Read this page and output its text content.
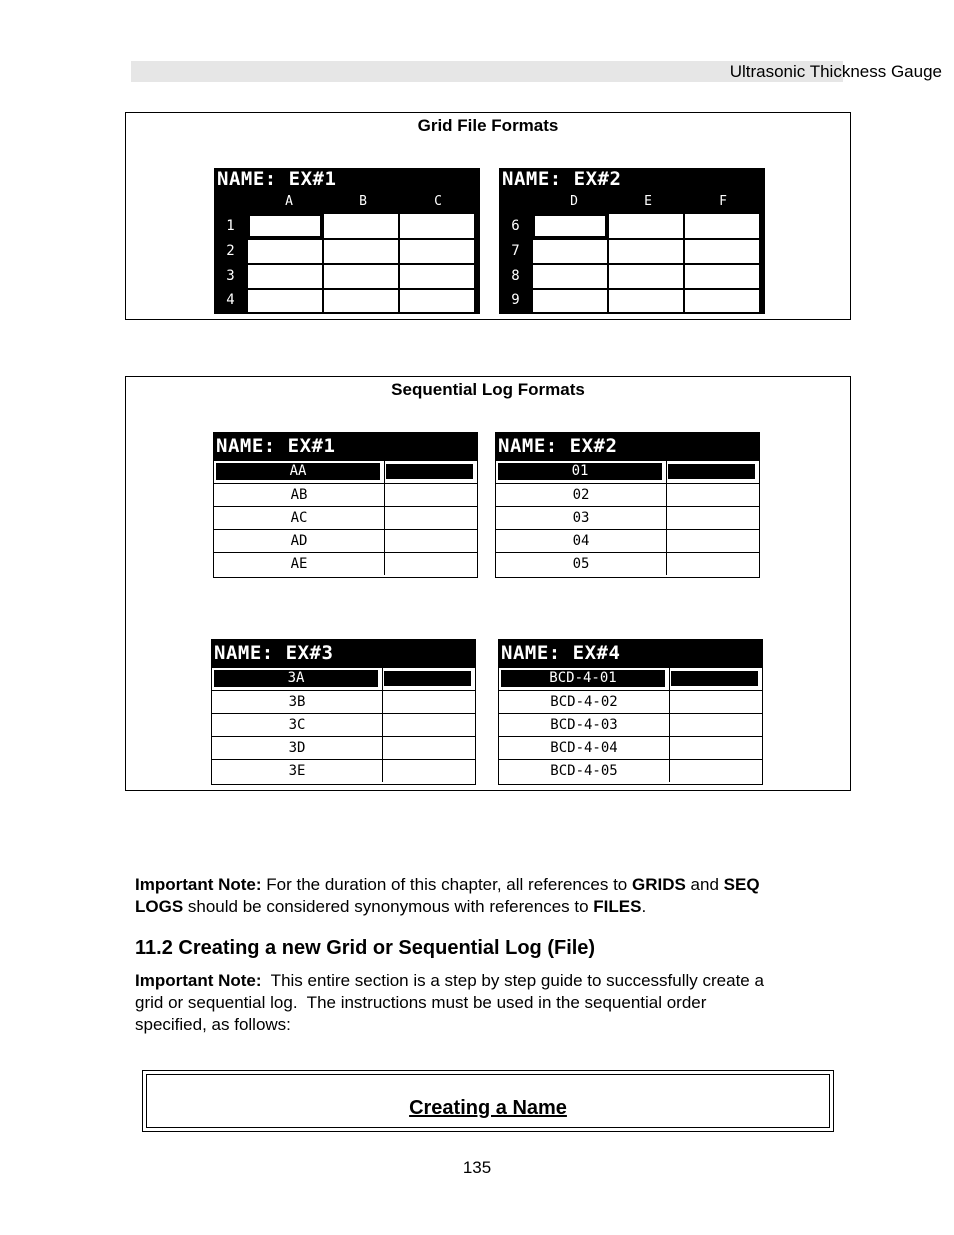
Ultrasonic Thickness Gauge
Grid File Formats
NAME: EX#1
A	B	C
1
2
3
4
NAME: EX#2
D	E	F
6
7
8
9
Sequential Log Formats
NAME: EX#1
AA
AB
AC
AD
AE
NAME: EX#2
01
02
03
04
05
NAME: EX#3
3A
3B
3C
3D
3E
NAME: EX#4
BCD-4-01
BCD-4-02
BCD-4-03
BCD-4-04
BCD-4-05
Important Note: For the duration of this chapter, all references to GRIDS and SEQ
LOGS should be considered synonymous with references to FILES.
11.2 Creating a new Grid or Sequential Log (File)
Important Note:  This entire section is a step by step guide to successfully create a
grid or sequential log.  The instructions must be used in the sequential order
specified, as follows:
Creating a Name
135
